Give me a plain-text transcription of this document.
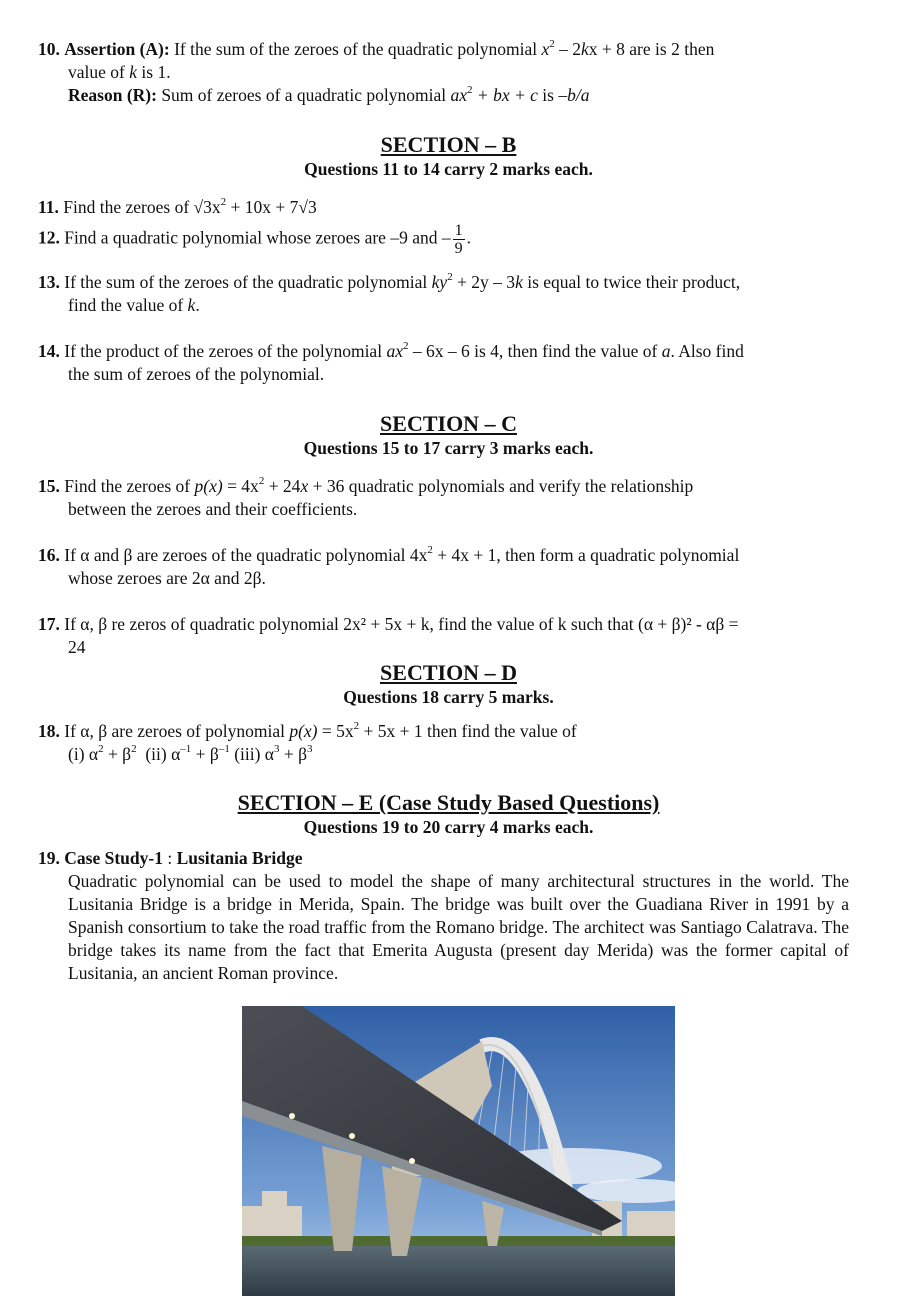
10. Assertion (A): If the sum of the zeroes of the quadratic polynomial $x^2 - 2kx + 8$ are is 2 then
value of k is 1.
Reason (R): Sum of zeroes of a quadratic polynomial $ax^2$ + bx + c is –b/a
SECTION – B
Questions 11 to 14 carry 2 marks each.
11. Find the zeroes of $√3x^2 + 10x + 7√3$
12. Find a quadratic polynomial whose zeroes are –9 and – $\frac{1}{9}$ .
13. If the sum of the zeroes of the quadratic polynomial $ky^2 + 2y - 3k$ is equal to twice their product,
find the value of k.
14. If the product of the zeroes of the polynomial $ax^2 - 6x - 6$ is 4, then find the value of a. Also find
the sum of zeroes of the polynomial.
SECTION – C
Questions 15 to 17 carry 3 marks each.
15. Find the zeroes of $p(x) = 4x^2 + 24x + 36$ quadratic polynomials and verify the relationship
between the zeroes and their coefficients.
16. If α and β are zeroes of the quadratic polynomial $4x^2 + 4x + 1$, then form a quadratic polynomial
whose zeroes are 2α and 2β.
17. If α, β re zeros of quadratic polynomial 2x² + 5x + k, find the value of k such that (α + β)² - αβ =
24
SECTION – D
Questions 18 carry 5 marks.
18. If α, β are zeroes of polynomial $p(x) = 5x^2 + 5x + 1$ then find the value of
(i) $\alpha^2 + \beta^2$  (ii) $\alpha^{-1} + \beta^{-1}$ (iii) $\alpha^3 + \beta^3$
SECTION – E (Case Study Based Questions)
Questions 19 to 20 carry 4 marks each.
19. Case Study-1 : Lusitania Bridge
Quadratic polynomial can be used to model the shape of many architectural structures in the world. The Lusitania Bridge is a bridge in Merida, Spain. The bridge was built over the Guadiana River in 1991 by a Spanish consortium to take the road traffic from the Romano bridge. The architect was Santiago Calatrava. The bridge takes its name from the fact that Emerita Augusta (present day Merida) was the former capital of Lusitania, an ancient Roman province.
